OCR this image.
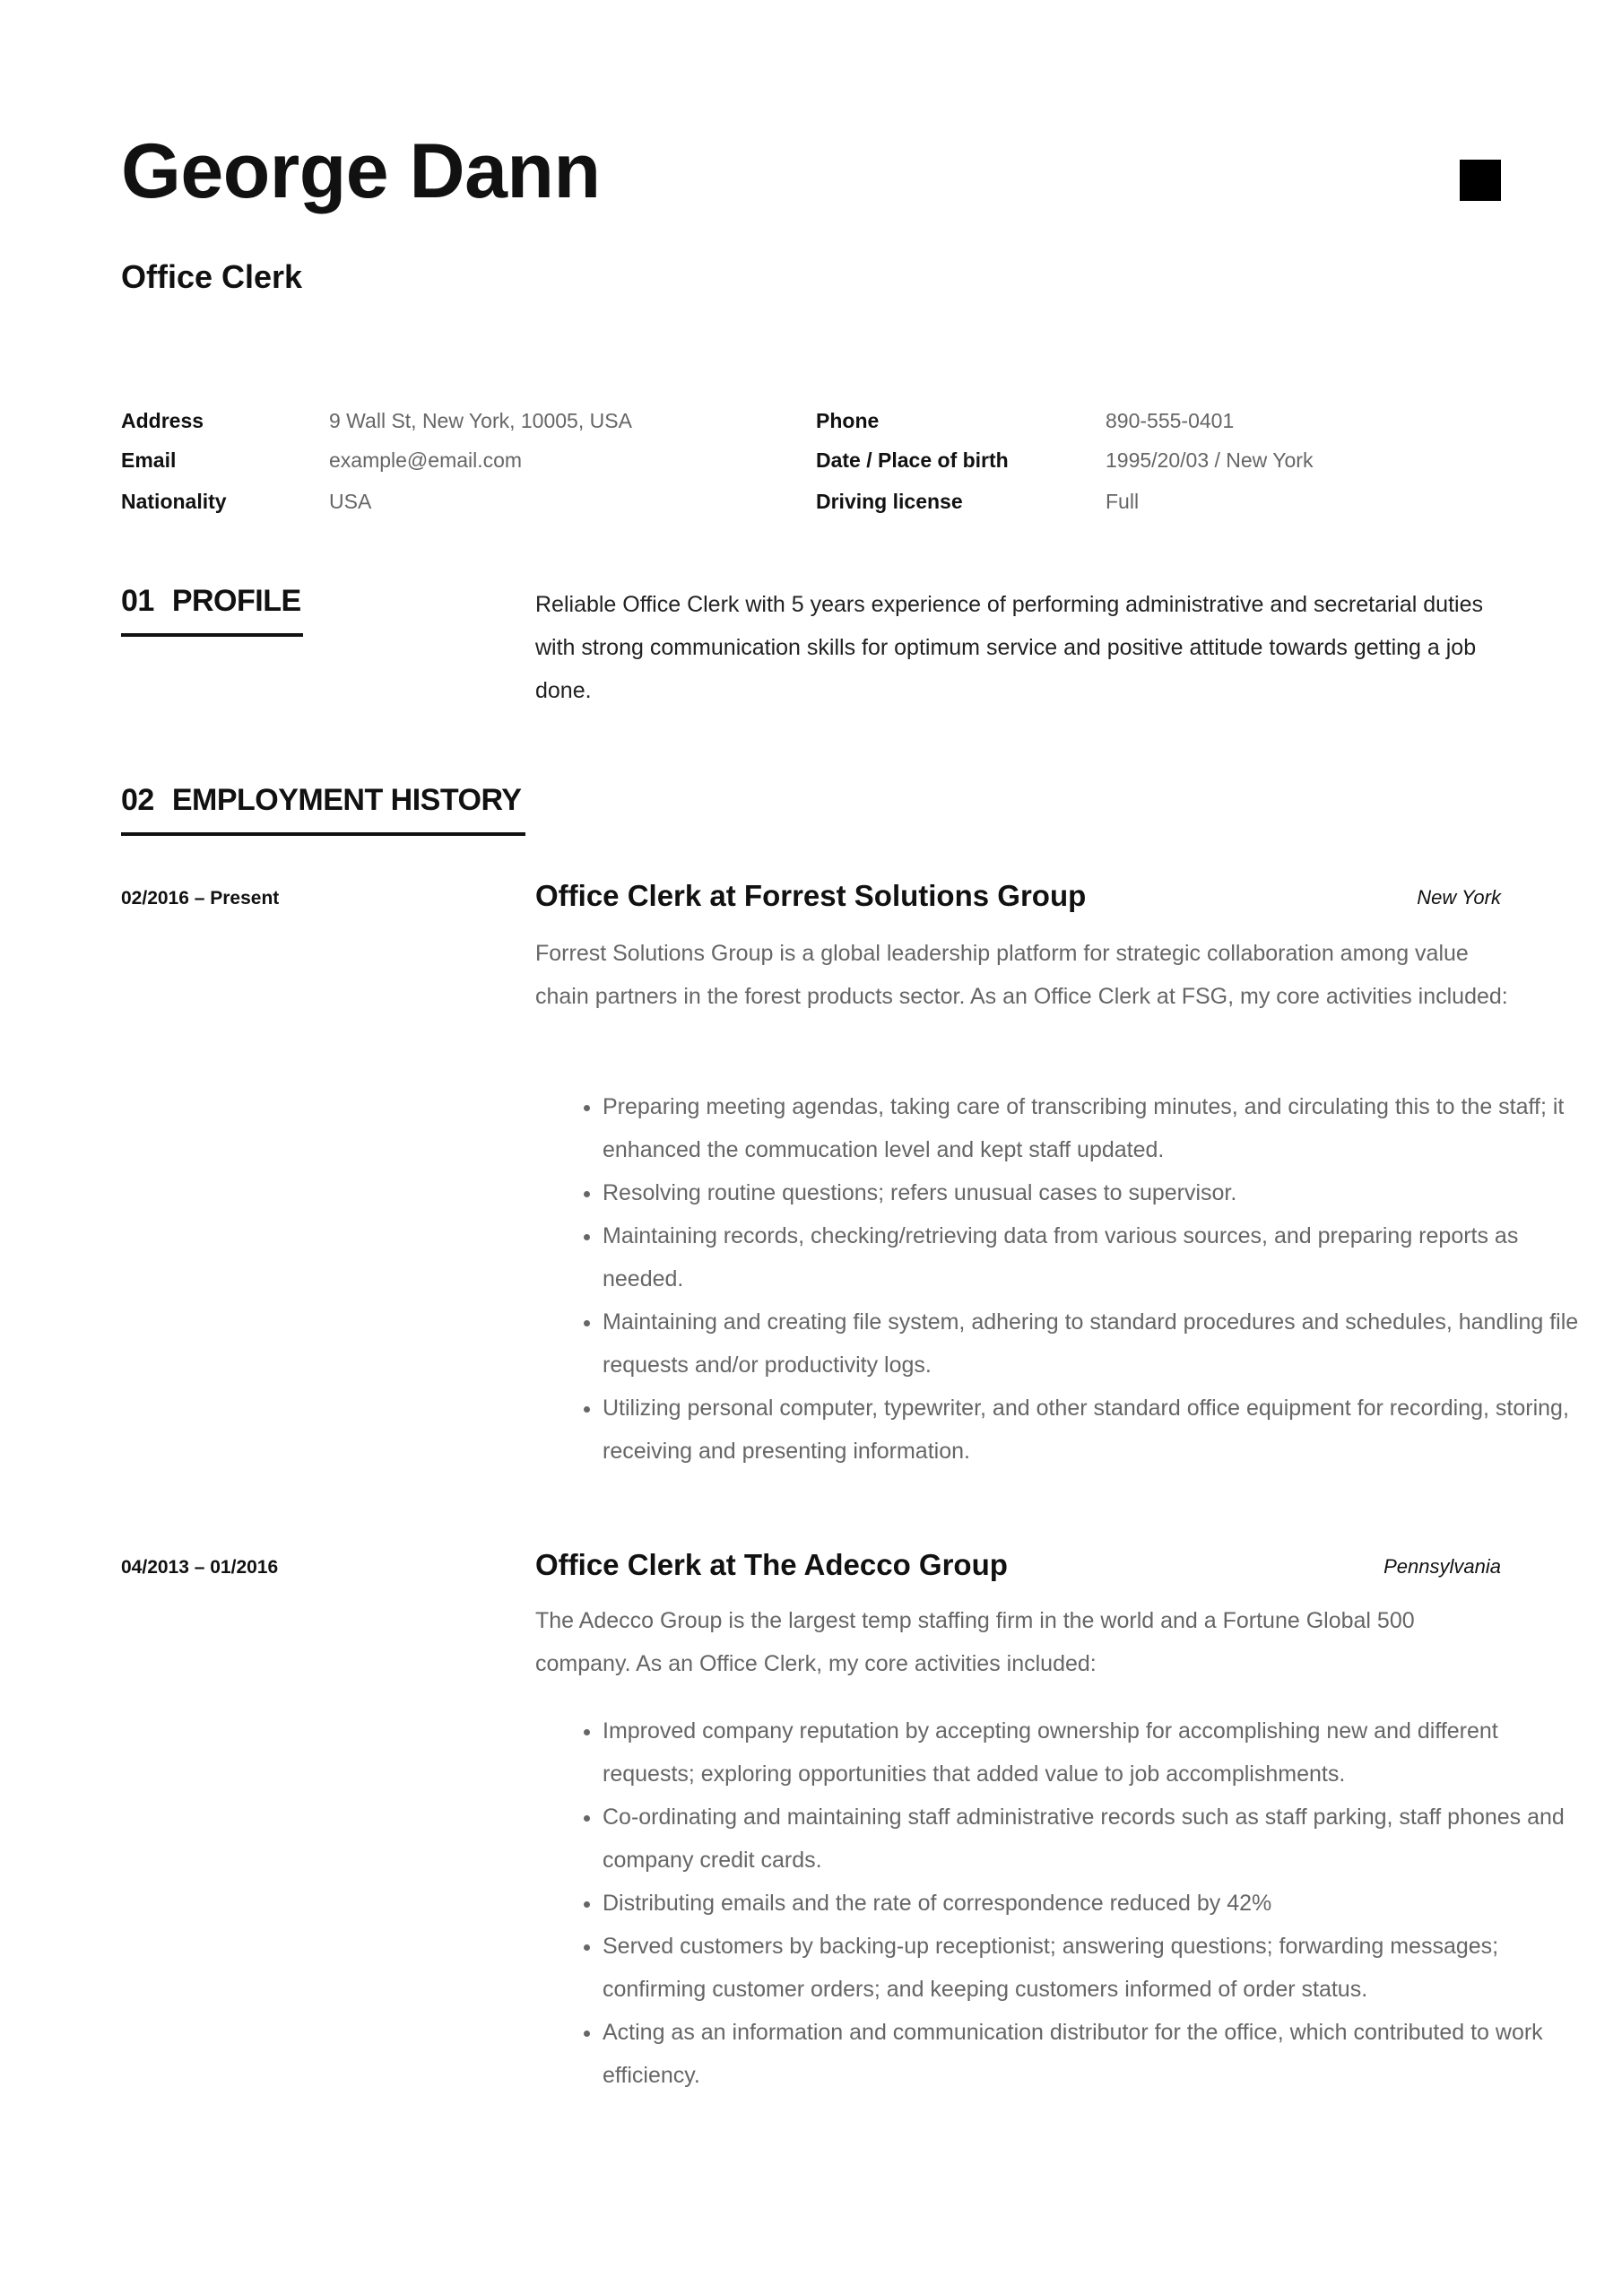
George Dann
Office Clerk
Address	9 Wall St, New York, 10005, USA
Email	example@email.com
Nationality	USA
Phone	890-555-0401
Date / Place of birth	1995/20/03 / New York
Driving license	Full
01 PROFILE	Reliable Office Clerk with 5 years experience of performing administrative and secretarial duties with strong communication skills for optimum service and positive attitude towards getting a job done.

02 EMPLOYMENT HISTORY
02/2016 – Present	Office Clerk at Forrest Solutions Group	New York

Forrest Solutions Group is a global leadership platform for strategic collaboration among value chain partners in the forest products sector. As an Office Clerk at FSG, my core activities included:

• Preparing meeting agendas, taking care of transcribing minutes, and circulating this to the staff; it enhanced the commucation level and kept staff updated.
• Resolving routine questions; refers unusual cases to supervisor.
• Maintaining records, checking/retrieving data from various sources, and preparing reports as needed.
• Maintaining and creating file system, adhering to standard procedures and schedules, handling file requests and/or productivity logs.
• Utilizing personal computer, typewriter, and other standard office equipment for recording, storing, receiving and presenting information.
04/2013 – 01/2016	Office Clerk at The Adecco Group	Pennsylvania

The Adecco Group is the largest temp staffing firm in the world and a Fortune Global 500 company. As an Office Clerk, my core activities included:

• Improved company reputation by accepting ownership for accomplishing new and different requests; exploring opportunities that added value to job accomplishments.
• Co-ordinating and maintaining staff administrative records such as staff parking, staff phones and company credit cards.
• Distributing emails and the rate of correspondence reduced by 42%
• Served customers by backing-up receptionist; answering questions; forwarding messages; confirming customer orders; and keeping customers informed of order status.
• Acting as an information and communication distributor for the office, which contributed to work efficiency.
